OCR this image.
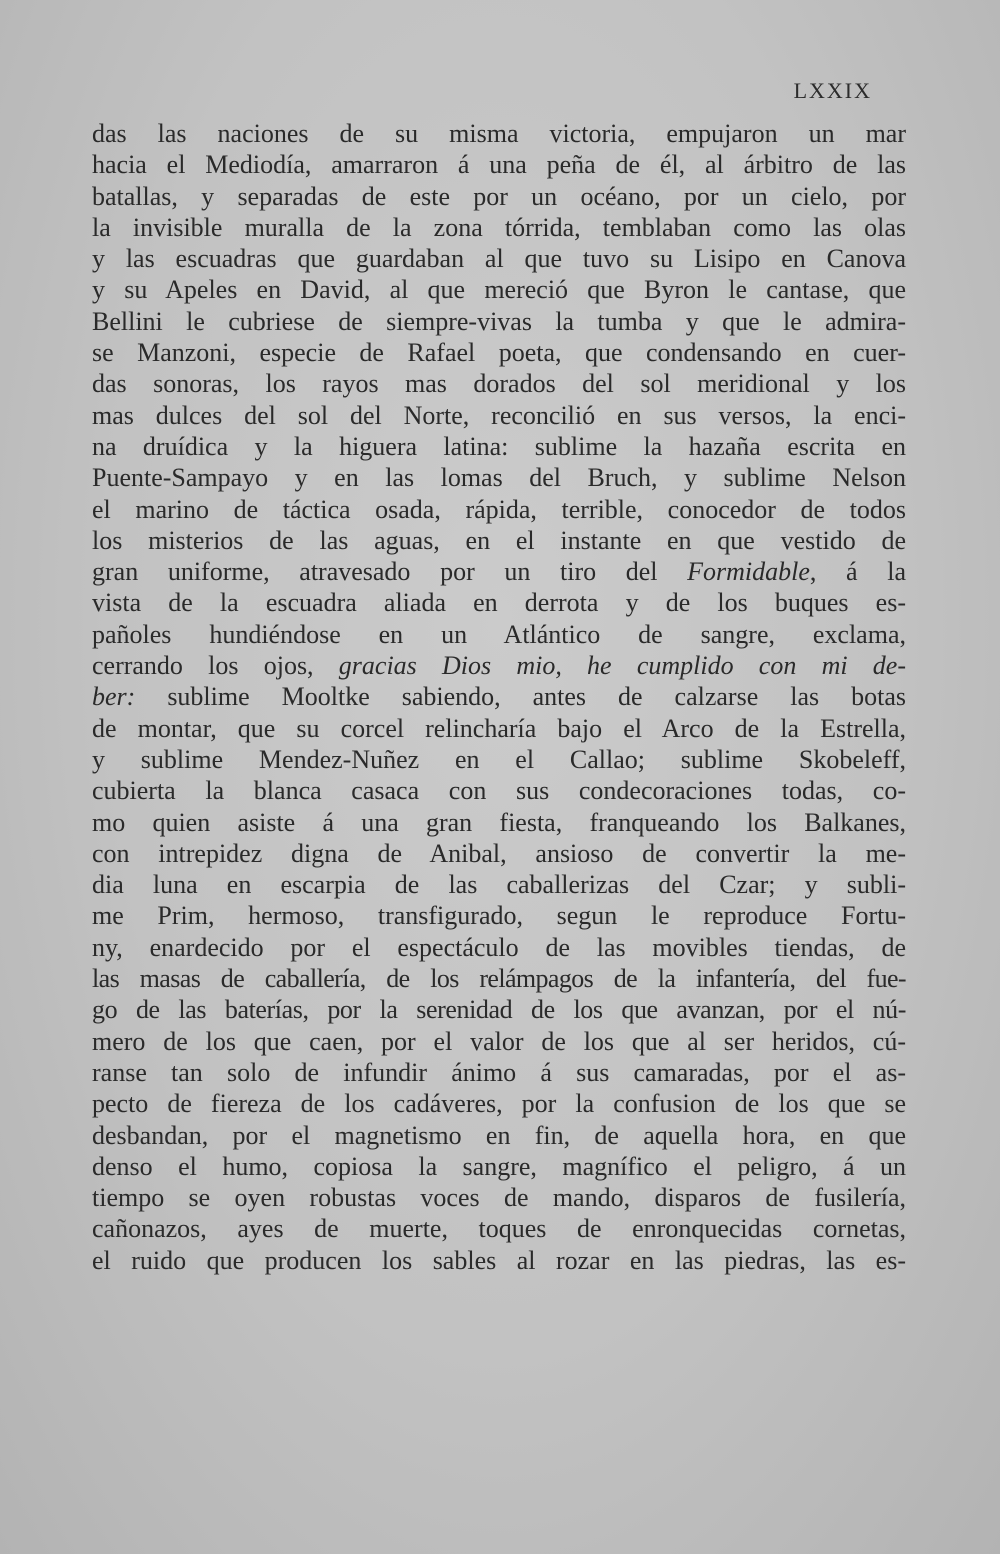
LXXIX
das las naciones de su misma victoria, empujaron un mar
hacia el Mediodía, amarraron á una peña de él, al árbitro de las
batallas, y separadas de este por un océano, por un cielo, por
la invisible muralla de la zona tórrida, temblaban como las olas
y las escuadras que guardaban al que tuvo su Lisipo en Canova
y su Apeles en David, al que mereció que Byron le cantase, que
Bellini le cubriese de siempre-vivas la tumba y que le admira-
se Manzoni, especie de Rafael poeta, que condensando en cuer-
das sonoras, los rayos mas dorados del sol meridional y los
mas dulces del sol del Norte, reconcilió en sus versos, la enci-
na druídica y la higuera latina: sublime la hazaña escrita en
Puente-Sampayo y en las lomas del Bruch, y sublime Nelson
el marino de táctica osada, rápida, terrible, conocedor de todos
los misterios de las aguas, en el instante en que vestido de
gran uniforme, atravesado por un tiro del Formidable, á la
vista de la escuadra aliada en derrota y de los buques es-
pañoles hundiéndose en un Atlántico de sangre, exclama,
cerrando los ojos, gracias Dios mio, he cumplido con mi de-
ber: sublime Mooltke sabiendo, antes de calzarse las botas
de montar, que su corcel relincharía bajo el Arco de la Estrella,
y sublime Mendez-Nuñez en el Callao; sublime Skobeleff,
cubierta la blanca casaca con sus condecoraciones todas, co-
mo quien asiste á una gran fiesta, franqueando los Balkanes,
con intrepidez digna de Anibal, ansioso de convertir la me-
dia luna en escarpia de las caballerizas del Czar; y subli-
me Prim, hermoso, transfigurado, segun le reproduce Fortu-
ny, enardecido por el espectáculo de las movibles tiendas, de
las masas de caballería, de los relámpagos de la infantería, del fue-
go de las baterías, por la serenidad de los que avanzan, por el nú-
mero de los que caen, por el valor de los que al ser heridos, cú-
ranse tan solo de infundir ánimo á sus camaradas, por el as-
pecto de fiereza de los cadáveres, por la confusion de los que se
desbandan, por el magnetismo en fin, de aquella hora, en que
denso el humo, copiosa la sangre, magnífico el peligro, á un
tiempo se oyen robustas voces de mando, disparos de fusilería,
cañonazos, ayes de muerte, toques de enronquecidas cornetas,
el ruido que producen los sables al rozar en las piedras, las es-
